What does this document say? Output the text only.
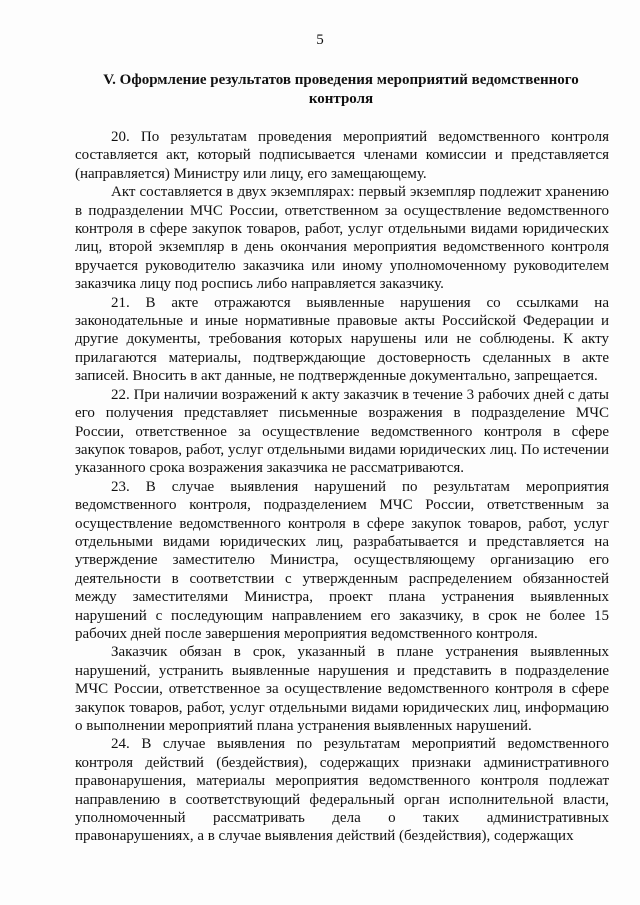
5
V. Оформление результатов проведения мероприятий ведомственного контроля

20. По результатам проведения мероприятий ведомственного контроля составляется акт, который подписывается членами комиссии и представляется (направляется) Министру или лицу, его замещающему.

Акт составляется в двух экземплярах: первый экземпляр подлежит хранению в подразделении МЧС России, ответственном за осуществление ведомственного контроля в сфере закупок товаров, работ, услуг отдельными видами юридических лиц, второй экземпляр в день окончания мероприятия ведомственного контроля вручается руководителю заказчика или иному уполномоченному руководителем заказчика лицу под роспись либо направляется заказчику.

21. В акте отражаются выявленные нарушения со ссылками на законодательные и иные нормативные правовые акты Российской Федерации и другие документы, требования которых нарушены или не соблюдены. К акту прилагаются материалы, подтверждающие достоверность сделанных в акте записей. Вносить в акт данные, не подтвержденные документально, запрещается.

22. При наличии возражений к акту заказчик в течение 3 рабочих дней с даты его получения представляет письменные возражения в подразделение МЧС России, ответственное за осуществление ведомственного контроля в сфере закупок товаров, работ, услуг отдельными видами юридических лиц. По истечении указанного срока возражения заказчика не рассматриваются.

23. В случае выявления нарушений по результатам мероприятия ведомственного контроля, подразделением МЧС России, ответственным за осуществление ведомственного контроля в сфере закупок товаров, работ, услуг отдельными видами юридических лиц, разрабатывается и представляется на утверждение заместителю Министра, осуществляющему организацию его деятельности в соответствии с утвержденным распределением обязанностей между заместителями Министра, проект плана устранения выявленных нарушений с последующим направлением его заказчику, в срок не более 15 рабочих дней после завершения мероприятия ведомственного контроля.

Заказчик обязан в срок, указанный в плане устранения выявленных нарушений, устранить выявленные нарушения и представить в подразделение МЧС России, ответственное за осуществление ведомственного контроля в сфере закупок товаров, работ, услуг отдельными видами юридических лиц, информацию о выполнении мероприятий плана устранения выявленных нарушений.

24. В случае выявления по результатам мероприятий ведомственного контроля действий (бездействия), содержащих признаки административного правонарушения, материалы мероприятия ведомственного контроля подлежат направлению в соответствующий федеральный орган исполнительной власти, уполномоченный рассматривать дела о таких административных правонарушениях, а в случае выявления действий (бездействия), содержащих
